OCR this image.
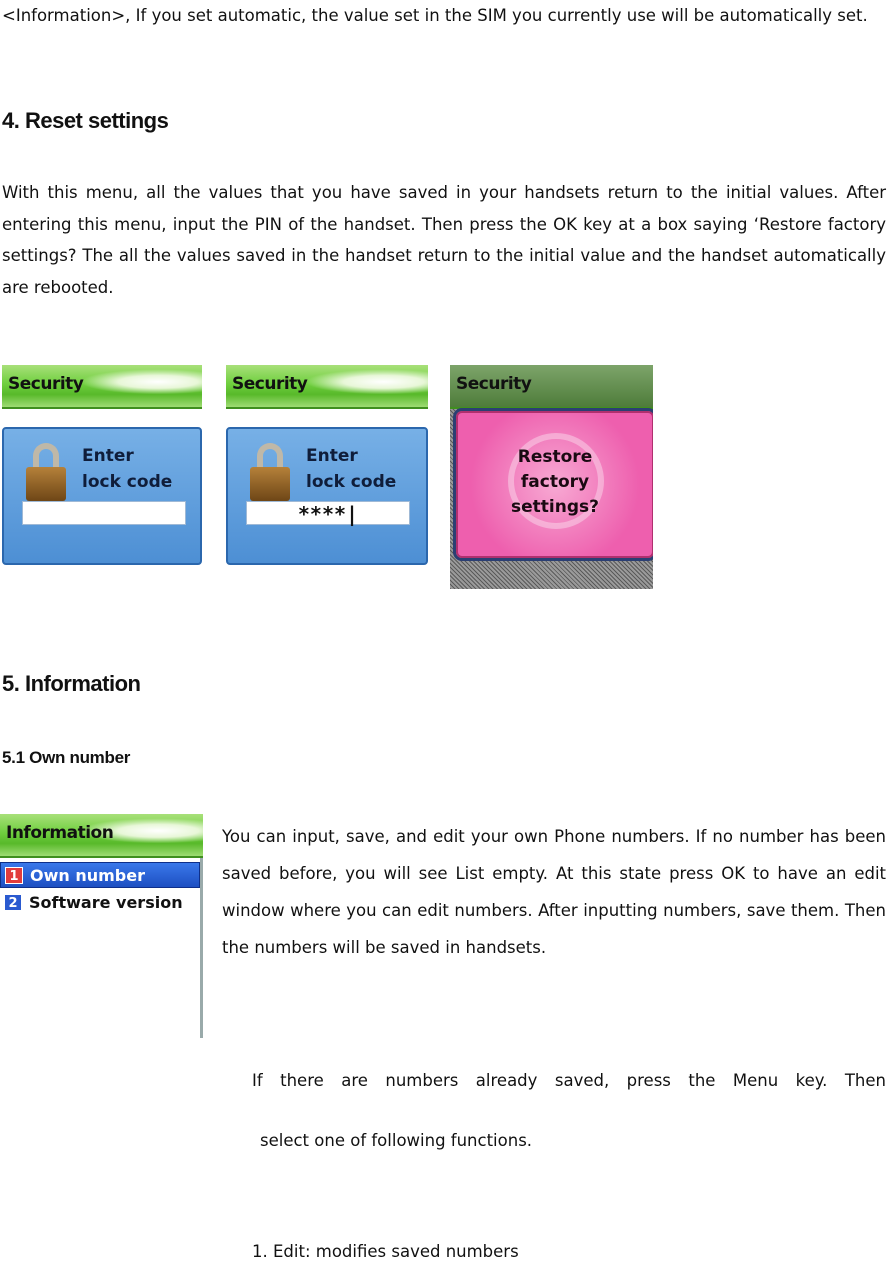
<Information>, If you set automatic, the value set in the SIM you currently use will be automatically set.
4. Reset settings
With this menu, all the values that you have saved in your handsets return to the initial values. After entering this menu, input the PIN of the handset. Then press the OK key at a box saying ‘Restore factory settings? The all the values saved in the handset return to the initial value and the handset automatically are rebooted.
Security
Enter
lock code
Security
Enter
lock code
****|
Security
Restore
factory
settings?
5. Information
5.1 Own number
Information
1 Own number
2 Software version
You can input, save, and edit your own Phone numbers. If no number has been saved before, you will see List empty. At this state press OK to have an edit window where you can edit numbers. After inputting numbers, save them. Then the numbers will be saved in handsets.
If there are numbers already saved, press the Menu key. Then
select one of following functions.
1. Edit: modifies saved numbers
